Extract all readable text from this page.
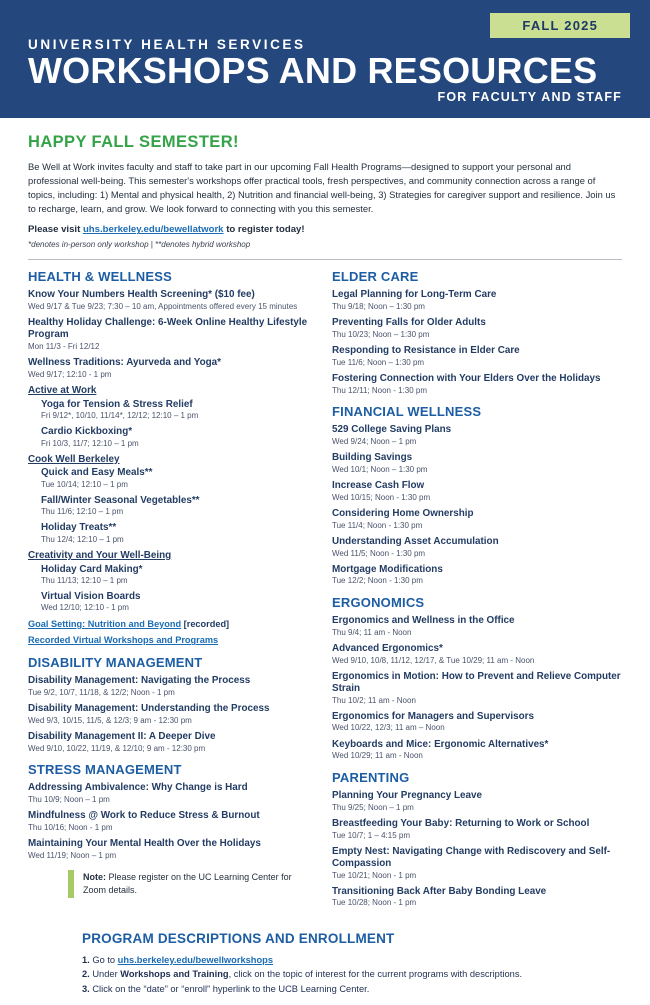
FALL 2025
UNIVERSITY HEALTH SERVICES
WORKSHOPS AND RESOURCES
FOR FACULTY AND STAFF
HAPPY FALL SEMESTER!

Be Well at Work invites faculty and staff to take part in our upcoming Fall Health Programs—designed to support your personal and professional well-being. This semester's workshops offer practical tools, fresh perspectives, and community connection across a range of topics, including: 1) Mental and physical health, 2) Nutrition and financial well-being, 3) Strategies for caregiver support and resilience. Join us to recharge, learn, and grow. We look forward to connecting with you this semester.

Please visit uhs.berkeley.edu/bewellatwork to register today!

*denotes in-person only workshop | **denotes hybrid workshop

HEALTH & WELLNESS
Know Your Numbers Health Screening* ($10 fee)
Wed 9/17 & Tue 9/23; 7:30 – 10 am, Appointments offered every 15 minutes
Healthy Holiday Challenge: 6-Week Online Healthy Lifestyle Program
Mon 11/3 - Fri 12/12
Wellness Traditions: Ayurveda and Yoga*
Wed 9/17; 12:10 - 1 pm
Active at Work
Yoga for Tension & Stress Relief
Fri 9/12*, 10/10, 11/14*, 12/12; 12:10 – 1 pm
Cardio Kickboxing*
Fri 10/3, 11/7; 12:10 – 1 pm
Cook Well Berkeley
Quick and Easy Meals**
Tue 10/14; 12:10 – 1 pm
Fall/Winter Seasonal Vegetables**
Thu 11/6; 12:10 – 1 pm
Holiday Treats**
Thu 12/4; 12:10 – 1 pm
Creativity and Your Well-Being
Holiday Card Making*
Thu 11/13; 12:10 – 1 pm
Virtual Vision Boards
Wed 12/10; 12:10 - 1 pm
Goal Setting: Nutrition and Beyond [recorded]
Recorded Virtual Workshops and Programs
DISABILITY MANAGEMENT
Disability Management: Navigating the Process
Tue 9/2, 10/7, 11/18, & 12/2; Noon - 1 pm
Disability Management: Understanding the Process
Wed 9/3, 10/15, 11/5, & 12/3; 9 am - 12:30 pm
Disability Management II: A Deeper Dive
Wed 9/10, 10/22, 11/19, & 12/10; 9 am - 12:30 pm
STRESS MANAGEMENT
Addressing Ambivalence: Why Change is Hard
Thu 10/9; Noon – 1 pm
Mindfulness @ Work to Reduce Stress & Burnout
Thu 10/16; Noon - 1 pm
Maintaining Your Mental Health Over the Holidays
Wed 11/19; Noon – 1 pm

Note: Please register on the UC Learning Center for Zoom details.

ELDER CARE
Legal Planning for Long-Term Care
Thu 9/18; Noon – 1:30 pm
Preventing Falls for Older Adults
Thu 10/23; Noon – 1:30 pm
Responding to Resistance in Elder Care
Tue 11/6; Noon – 1:30 pm
Fostering Connection with Your Elders Over the Holidays
Thu 12/11; Noon - 1:30 pm
FINANCIAL WELLNESS
529 College Saving Plans
Wed 9/24; Noon – 1 pm
Building Savings
Wed 10/1; Noon – 1:30 pm
Increase Cash Flow
Wed 10/15; Noon - 1:30 pm
Considering Home Ownership
Tue 11/4; Noon - 1:30 pm
Understanding Asset Accumulation
Wed 11/5; Noon - 1:30 pm
Mortgage Modifications
Tue 12/2; Noon - 1:30 pm
ERGONOMICS
Ergonomics and Wellness in the Office
Thu 9/4; 11 am - Noon
Advanced Ergonomics*
Wed 9/10, 10/8, 11/12, 12/17, & Tue 10/29; 11 am - Noon
Ergonomics in Motion: How to Prevent and Relieve Computer Strain
Thu 10/2; 11 am - Noon
Ergonomics for Managers and Supervisors
Wed 10/22, 12/3; 11 am – Noon
Keyboards and Mice: Ergonomic Alternatives*
Wed 10/29; 11 am - Noon
PARENTING
Planning Your Pregnancy Leave
Thu 9/25; Noon – 1 pm
Breastfeeding Your Baby: Returning to Work or School
Tue 10/7; 1 – 4:15 pm
Empty Nest: Navigating Change with Rediscovery and Self-Compassion
Tue 10/21; Noon - 1 pm
Transitioning Back After Baby Bonding Leave
Tue 10/28; Noon - 1 pm
PROGRAM DESCRIPTIONS AND ENROLLMENT
1. Go to uhs.berkeley.edu/bewellworkshops
2. Under Workshops and Training, click on the topic of interest for the current programs with descriptions.
3. Click on the “date” or “enroll” hyperlink to the UCB Learning Center.
